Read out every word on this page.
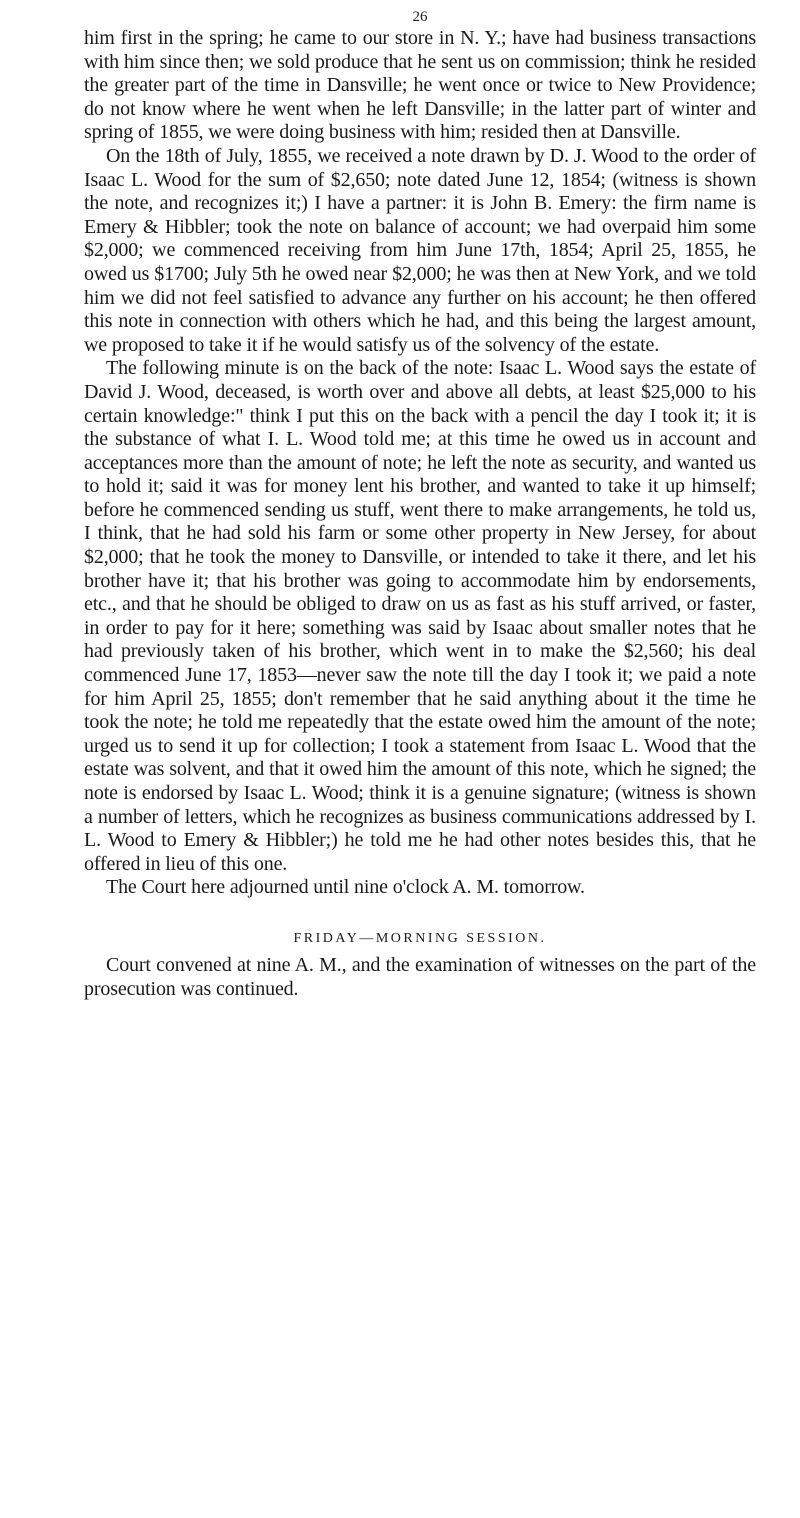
26

him first in the spring; he came to our store in N. Y.; have had business transactions with him since then; we sold produce that he sent us on commission; think he resided the greater part of the time in Dansville; he went once or twice to New Providence; do not know where he went when he left Dansville; in the latter part of winter and spring of 1855, we were doing business with him; resided then at Dansville.

On the 18th of July, 1855, we received a note drawn by D. J. Wood to the order of Isaac L. Wood for the sum of $2,650; note dated June 12, 1854; (witness is shown the note, and recognizes it;) I have a partner: it is John B. Emery: the firm name is Emery & Hibbler; took the note on balance of account; we had overpaid him some $2,000; we commenced receiving from him June 17th, 1854; April 25, 1855, he owed us $1700; July 5th he owed near $2,000; he was then at New York, and we told him we did not feel satisfied to advance any further on his account; he then offered this note in connection with others which he had, and this being the largest amount, we proposed to take it if he would satisfy us of the solvency of the estate.

The following minute is on the back of the note: Isaac L. Wood says the estate of David J. Wood, deceased, is worth over and above all debts, at least $25,000 to his certain knowledge:" think I put this on the back with a pencil the day I took it; it is the substance of what I. L. Wood told me; at this time he owed us in account and acceptances more than the amount of note; he left the note as security, and wanted us to hold it; said it was for money lent his brother, and wanted to take it up himself; before he commenced sending us stuff, went there to make arrangements, he told us, I think, that he had sold his farm or some other property in New Jersey, for about $2,000; that he took the money to Dansville, or intended to take it there, and let his brother have it; that his brother was going to accommodate him by endorsements, etc., and that he should be obliged to draw on us as fast as his stuff arrived, or faster, in order to pay for it here; something was said by Isaac about smaller notes that he had previously taken of his brother, which went in to make the $2,560; his deal commenced June 17, 1853—never saw the note till the day I took it; we paid a note for him April 25, 1855; don't remember that he said anything about it the time he took the note; he told me repeatedly that the estate owed him the amount of the note; urged us to send it up for collection; I took a statement from Isaac L. Wood that the estate was solvent, and that it owed him the amount of this note, which he signed; the note is endorsed by Isaac L. Wood; think it is a genuine signature; (witness is shown a number of letters, which he recognizes as business communications addressed by I. L. Wood to Emery & Hibbler;) he told me he had other notes besides this, that he offered in lieu of this one.

The Court here adjourned until nine o'clock A. M. tomorrow.

FRIDAY—MORNING SESSION.

Court convened at nine A. M., and the examination of witnesses on the part of the prosecution was continued.
